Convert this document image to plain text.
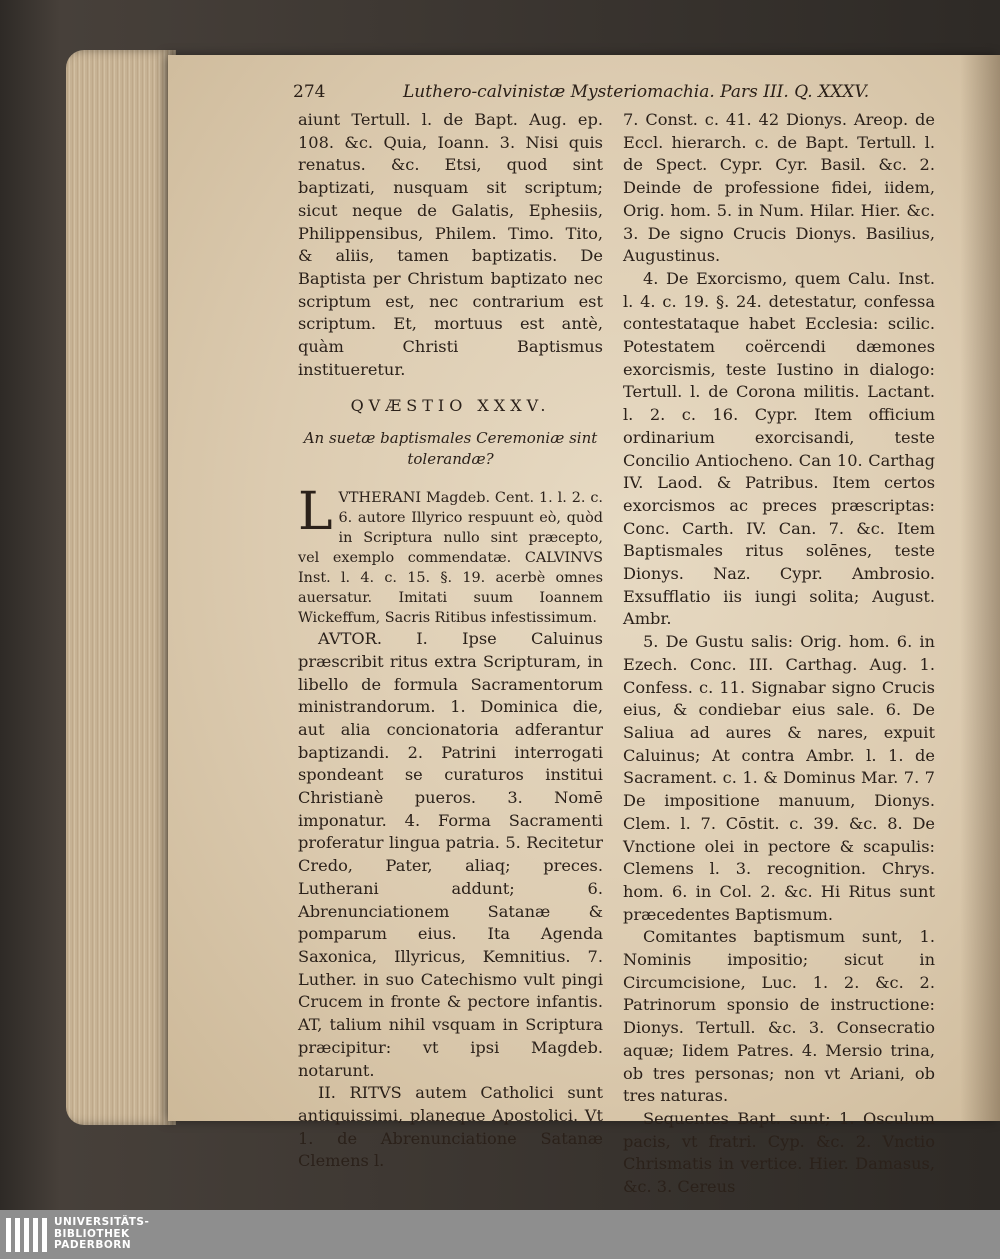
274	Luthero-calvinistæ Mysteriomachia. Pars III. Q. XXXV.

aiunt Tertull. l. de Bapt. Aug. ep. 108. &c. Quia, Ioann. 3. Nisi quis renatus. &c. Etsi, quod sint baptizati, nusquam sit scriptum; sicut neque de Galatis, Ephesiis, Philippensibus, Philem. Timo. Tito, & aliis, tamen baptizatis. De Baptista per Christum baptizato nec scriptum est, nec contrarium est scriptum. Et, mortuus est antè, quàm Christi Baptismus institueretur.

QVÆSTIO XXXV.
An suetæ baptismales Ceremoniæ sint tolerandæ?

LVTHERANI Magdeb. Cent. 1. l. 2. c. 6. autore Illyrico respuunt eò, quòd in Scriptura nullo sint præcepto, vel exemplo commendatæ. CALVINVS Inst. l. 4. c. 15. §. 19. acerbè omnes auersatur. Imitati suum Ioannem Wickeffum, Sacris Ritibus infestissimum.

AVTOR. I. Ipse Caluinus præscribit ritus extra Scripturam, in libello de formula Sacramentorum ministrandorum. 1. Dominica die, aut alia concionatoria adferantur baptizandi. 2. Patrini interrogati spondeant se curaturos institui Christianè pueros. 3. Nomē imponatur. 4. Forma Sacramenti proferatur lingua patria. 5. Recitetur Credo, Pater, aliaq; preces. Lutherani addunt; 6. Abrenunciationem Satanæ & pomparum eius. Ita Agenda Saxonica, Illyricus, Kemnitius. 7. Luther. in suo Catechismo vult pingi Crucem in fronte & pectore infantis. AT, talium nihil vsquam in Scriptura præcipitur: vt ipsi Magdeb. notarunt.

II. RITVS autem Catholici sunt antiquissimi, planeque Apostolici. Vt 1. de Abrenunciatione Satanæ Clemens l.

7. Const. c. 41. 42 Dionys. Areop. de Eccl. hierarch. c. de Bapt. Tertull. l. de Spect. Cypr. Cyr. Basil. &c. 2. Deinde de professione fidei, iidem, Orig. hom. 5. in Num. Hilar. Hier. &c. 3. De signo Crucis Dionys. Basilius, Augustinus.

4. De Exorcismo, quem Calu. Inst. l. 4. c. 19. §. 24. detestatur, confessa contestataque habet Ecclesia: scilic. Potestatem coërcendi dæmones exorcismis, teste Iustino in dialogo: Tertull. l. de Corona militis. Lactant. l. 2. c. 16. Cypr. Item officium ordinarium exorcisandi, teste Concilio Antiocheno. Can 10. Carthag IV. Laod. & Patribus. Item certos exorcismos ac preces præscriptas: Conc. Carth. IV. Can. 7. &c. Item Baptismales ritus solēnes, teste Dionys. Naz. Cypr. Ambrosio. Exsufflatio iis iungi solita; August. Ambr.

5. De Gustu salis: Orig. hom. 6. in Ezech. Conc. III. Carthag. Aug. 1. Confess. c. 11. Signabar signo Crucis eius, & condiebar eius sale. 6. De Saliua ad aures & nares, expuit Caluinus; At contra Ambr. l. 1. de Sacrament. c. 1. & Dominus Mar. 7. 7 De impositione manuum, Dionys. Clem. l. 7. Cōstit. c. 39. &c. 8. De Vnctione olei in pectore & scapulis: Clemens l. 3. recognition. Chrys. hom. 6. in Col. 2. &c. Hi Ritus sunt præcedentes Baptismum.

Comitantes baptismum sunt, 1. Nominis impositio; sicut in Circumcisione, Luc. 1. 2. &c. 2. Patrinorum sponsio de instructione: Dionys. Tertull. &c. 3. Consecratio aquæ; Iidem Patres. 4. Mersio trina, ob tres personas; non vt Ariani, ob tres naturas.

Sequentes Bapt. sunt; 1. Osculum pacis, vt fratri. Cyp. &c. 2. Vnctio Chrismatis in vertice. Hier. Damasus, &c. 3. Cereus

UNIVERSITÄTS-
BIBLIOTHEK
PADERBORN
